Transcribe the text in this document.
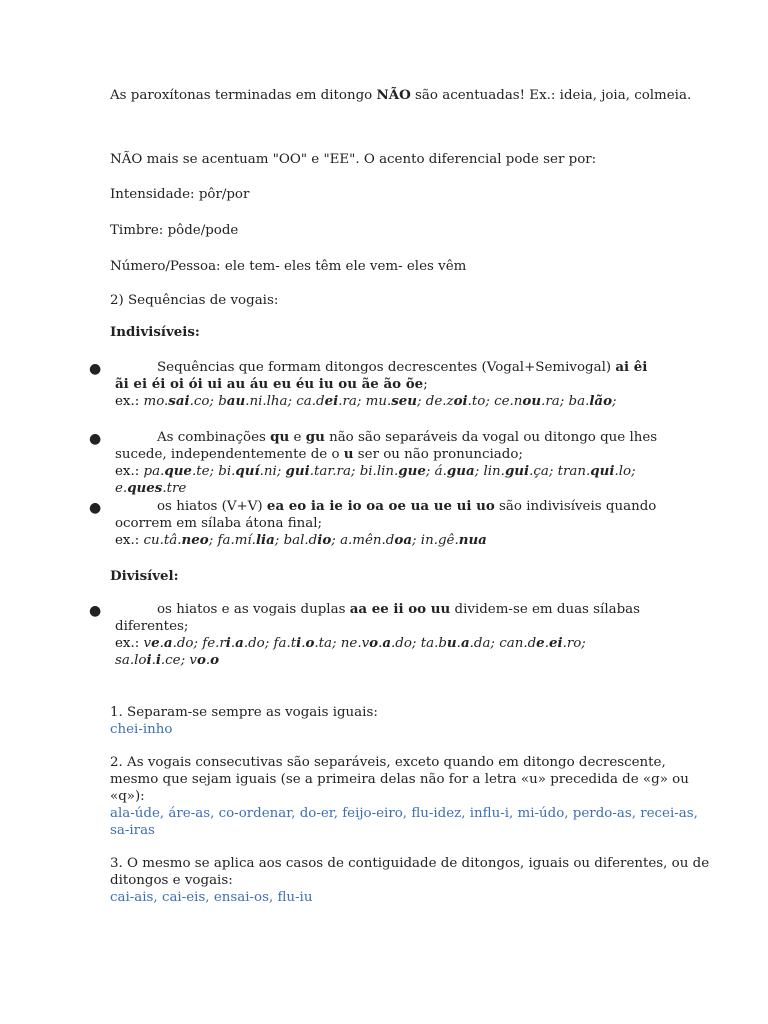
As paroxítonas terminadas em ditongo NÃO são acentuadas! Ex.: ideia, joia, colmeia.
NÃO mais se acentuam "OO" e "EE". O acento diferencial pode ser por:
Intensidade: pôr/por
Timbre: pôde/pode
Número/Pessoa: ele tem- eles têm ele vem- eles vêm
2) Sequências de vogais:
Indivisíveis:
●	Sequências que formam ditongos decrescentes (Vogal+Semivogal) ai êi ãi ei éi oi ói ui au áu eu éu iu ou ãe ão õe;
ex.: mo.sai.co; bau.ni.lha; ca.dei.ra; mu.seu; de.zoi.to; ce.nou.ra; ba.lão;
●	As combinações qu e gu não são separáveis da vogal ou ditongo que lhes sucede, independentemente de o u ser ou não pronunciado;
ex.: pa.que.te; bi.quí.ni; gui.tar.ra; bi.lin.gue; á.gua; lin.gui.ça; tran.qui.lo; e.ques.tre
●	os hiatos (V+V) ea eo ia ie io oa oe ua ue ui uo são indivisíveis quando ocorrem em sílaba átona final;
ex.: cu.tâ.neo; fa.mí.lia; bal.dio; a.mên.doa; in.gê.nua
Divisível:
●	os hiatos e as vogais duplas aa ee ii oo uu dividem-se em duas sílabas diferentes;
ex.: ve.a.do; fe.ri.a.do; fa.ti.o.ta; ne.vo.a.do; ta.bu.a.da; can.de.ei.ro; sa.loi.i.ce; vo.o
1. Separam-se sempre as vogais iguais:
chei-inho
2. As vogais consecutivas são separáveis, exceto quando em ditongo decrescente,
mesmo que sejam iguais (se a primeira delas não for a letra «u» precedida de «g» ou
«q»):
ala-úde, áre-as, co-ordenar, do-er, feijo-eiro, flu-idez, influ-i, mi-údo, perdo-as, recei-as,
sa-iras
3. O mesmo se aplica aos casos de contiguidade de ditongos, iguais ou diferentes, ou de
ditongos e vogais:
cai-ais, cai-eis, ensai-os, flu-iu
